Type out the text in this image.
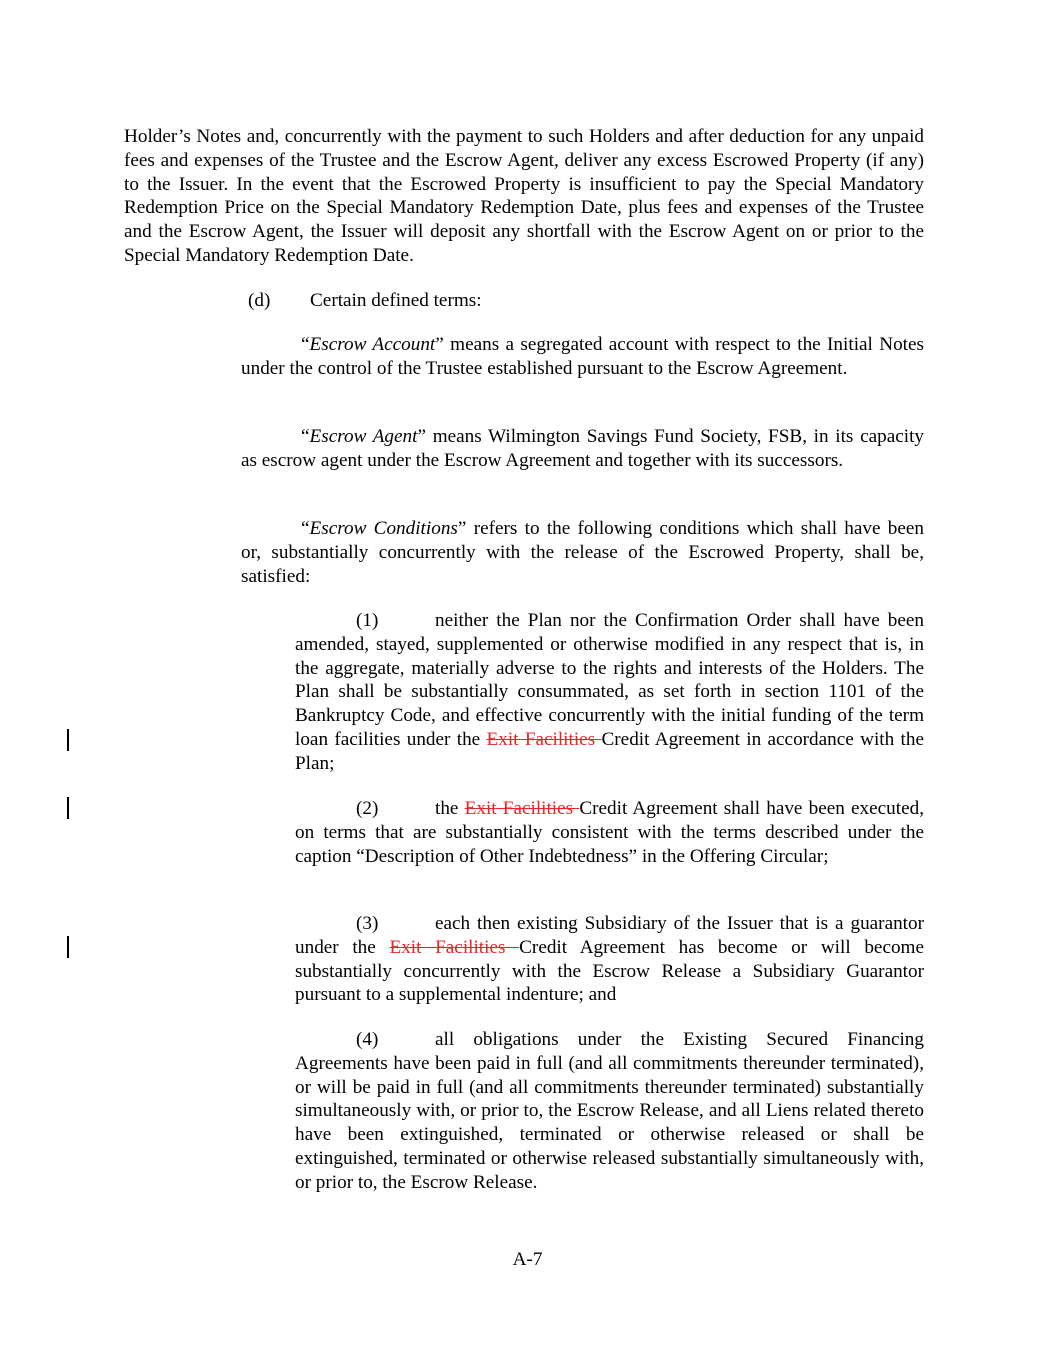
Holder’s Notes and, concurrently with the payment to such Holders and after deduction for any unpaid fees and expenses of the Trustee and the Escrow Agent, deliver any excess Escrowed Property (if any) to the Issuer. In the event that the Escrowed Property is insufficient to pay the Special Mandatory Redemption Price on the Special Mandatory Redemption Date, plus fees and expenses of the Trustee and the Escrow Agent, the Issuer will deposit any shortfall with the Escrow Agent on or prior to the Special Mandatory Redemption Date.

(d) Certain defined terms:

“Escrow Account” means a segregated account with respect to the Initial Notes under the control of the Trustee established pursuant to the Escrow Agreement.

“Escrow Agent” means Wilmington Savings Fund Society, FSB, in its capacity as escrow agent under the Escrow Agreement and together with its successors.

“Escrow Conditions” refers to the following conditions which shall have been or, substantially concurrently with the release of the Escrowed Property, shall be, satisfied:

(1)	neither the Plan nor the Confirmation Order shall have been amended, stayed, supplemented or otherwise modified in any respect that is, in the aggregate, materially adverse to the rights and interests of the Holders. The Plan shall be substantially consummated, as set forth in section 1101 of the Bankruptcy Code, and effective concurrently with the initial funding of the term loan facilities under the Exit Facilities Credit Agreement in accordance with the Plan;

(2)	the Exit Facilities Credit Agreement shall have been executed, on terms that are substantially consistent with the terms described under the caption “Description of Other Indebtedness” in the Offering Circular;

(3)	each then existing Subsidiary of the Issuer that is a guarantor under the Exit Facilities Credit Agreement has become or will become substantially concurrently with the Escrow Release a Subsidiary Guarantor pursuant to a supplemental indenture; and

(4)	all obligations under the Existing Secured Financing Agreements have been paid in full (and all commitments thereunder terminated), or will be paid in full (and all commitments thereunder terminated) substantially simultaneously with, or prior to, the Escrow Release, and all Liens related thereto have been extinguished, terminated or otherwise released or shall be extinguished, terminated or otherwise released substantially simultaneously with, or prior to, the Escrow Release.

A-7
